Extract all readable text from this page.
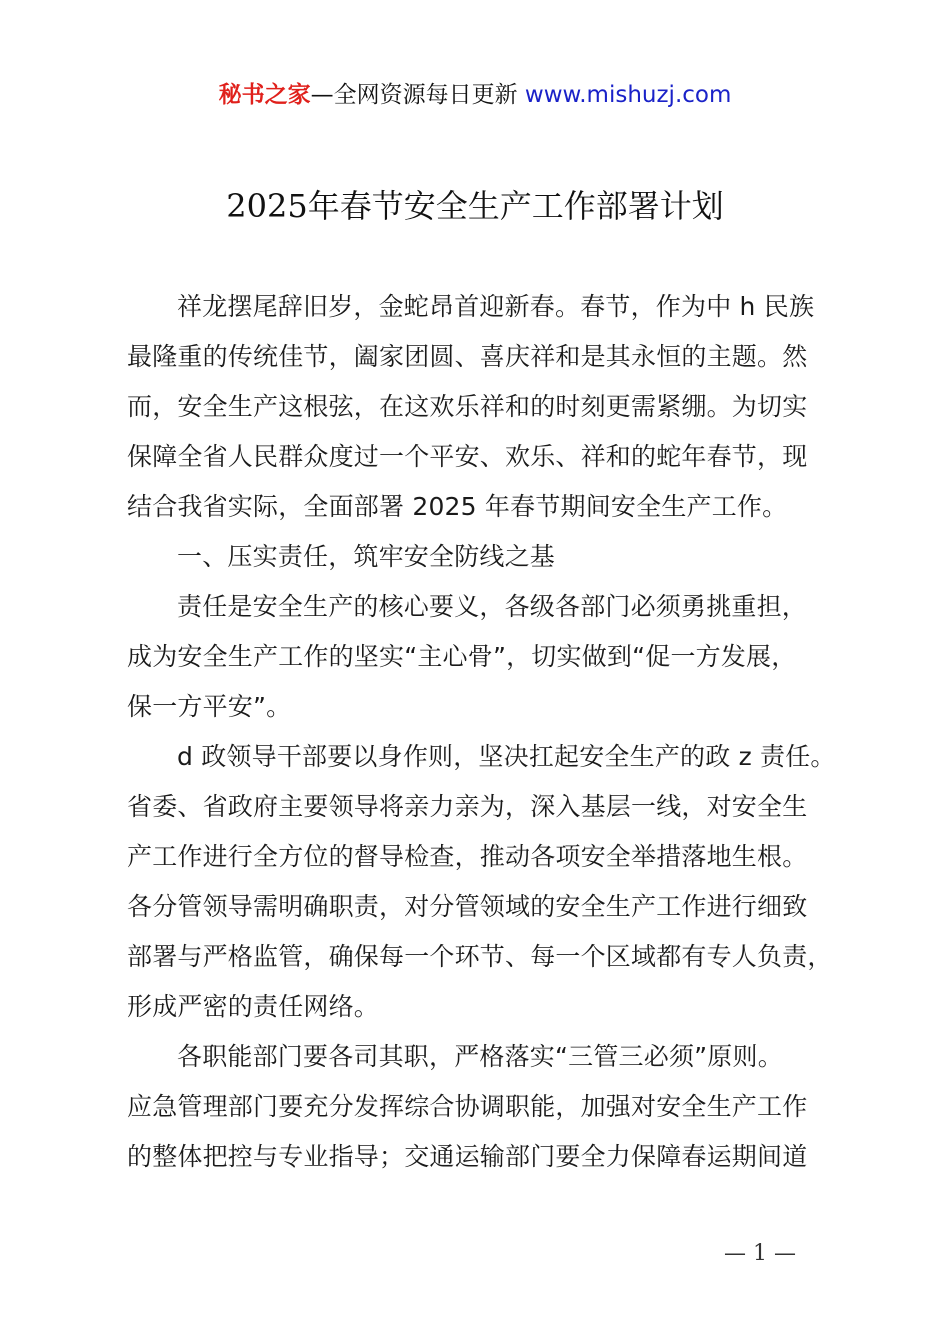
秘书之家—全网资源每日更新 www.mishuzj.com
2025年春节安全生产工作部署计划

祥龙摆尾辞旧岁，金蛇昂首迎新春。春节，作为中 h 民族
最隆重的传统佳节，阖家团圆、喜庆祥和是其永恒的主题。然
而，安全生产这根弦，在这欢乐祥和的时刻更需紧绷。为切实
保障全省人民群众度过一个平安、欢乐、祥和的蛇年春节，现
结合我省实际，全面部署 2025 年春节期间安全生产工作。

一、压实责任，筑牢安全防线之基

责任是安全生产的核心要义，各级各部门必须勇挑重担，
成为安全生产工作的坚实“主心骨”，切实做到“促一方发展，
保一方平安”。

d 政领导干部要以身作则，坚决扛起安全生产的政 z 责任。
省委、省政府主要领导将亲力亲为，深入基层一线，对安全生
产工作进行全方位的督导检查，推动各项安全举措落地生根。
各分管领导需明确职责，对分管领域的安全生产工作进行细致
部署与严格监管，确保每一个环节、每一个区域都有专人负责，
形成严密的责任网络。

各职能部门要各司其职，严格落实“三管三必须”原则。
应急管理部门要充分发挥综合协调职能，加强对安全生产工作
的整体把控与专业指导；交通运输部门要全力保障春运期间道

— 1 —
